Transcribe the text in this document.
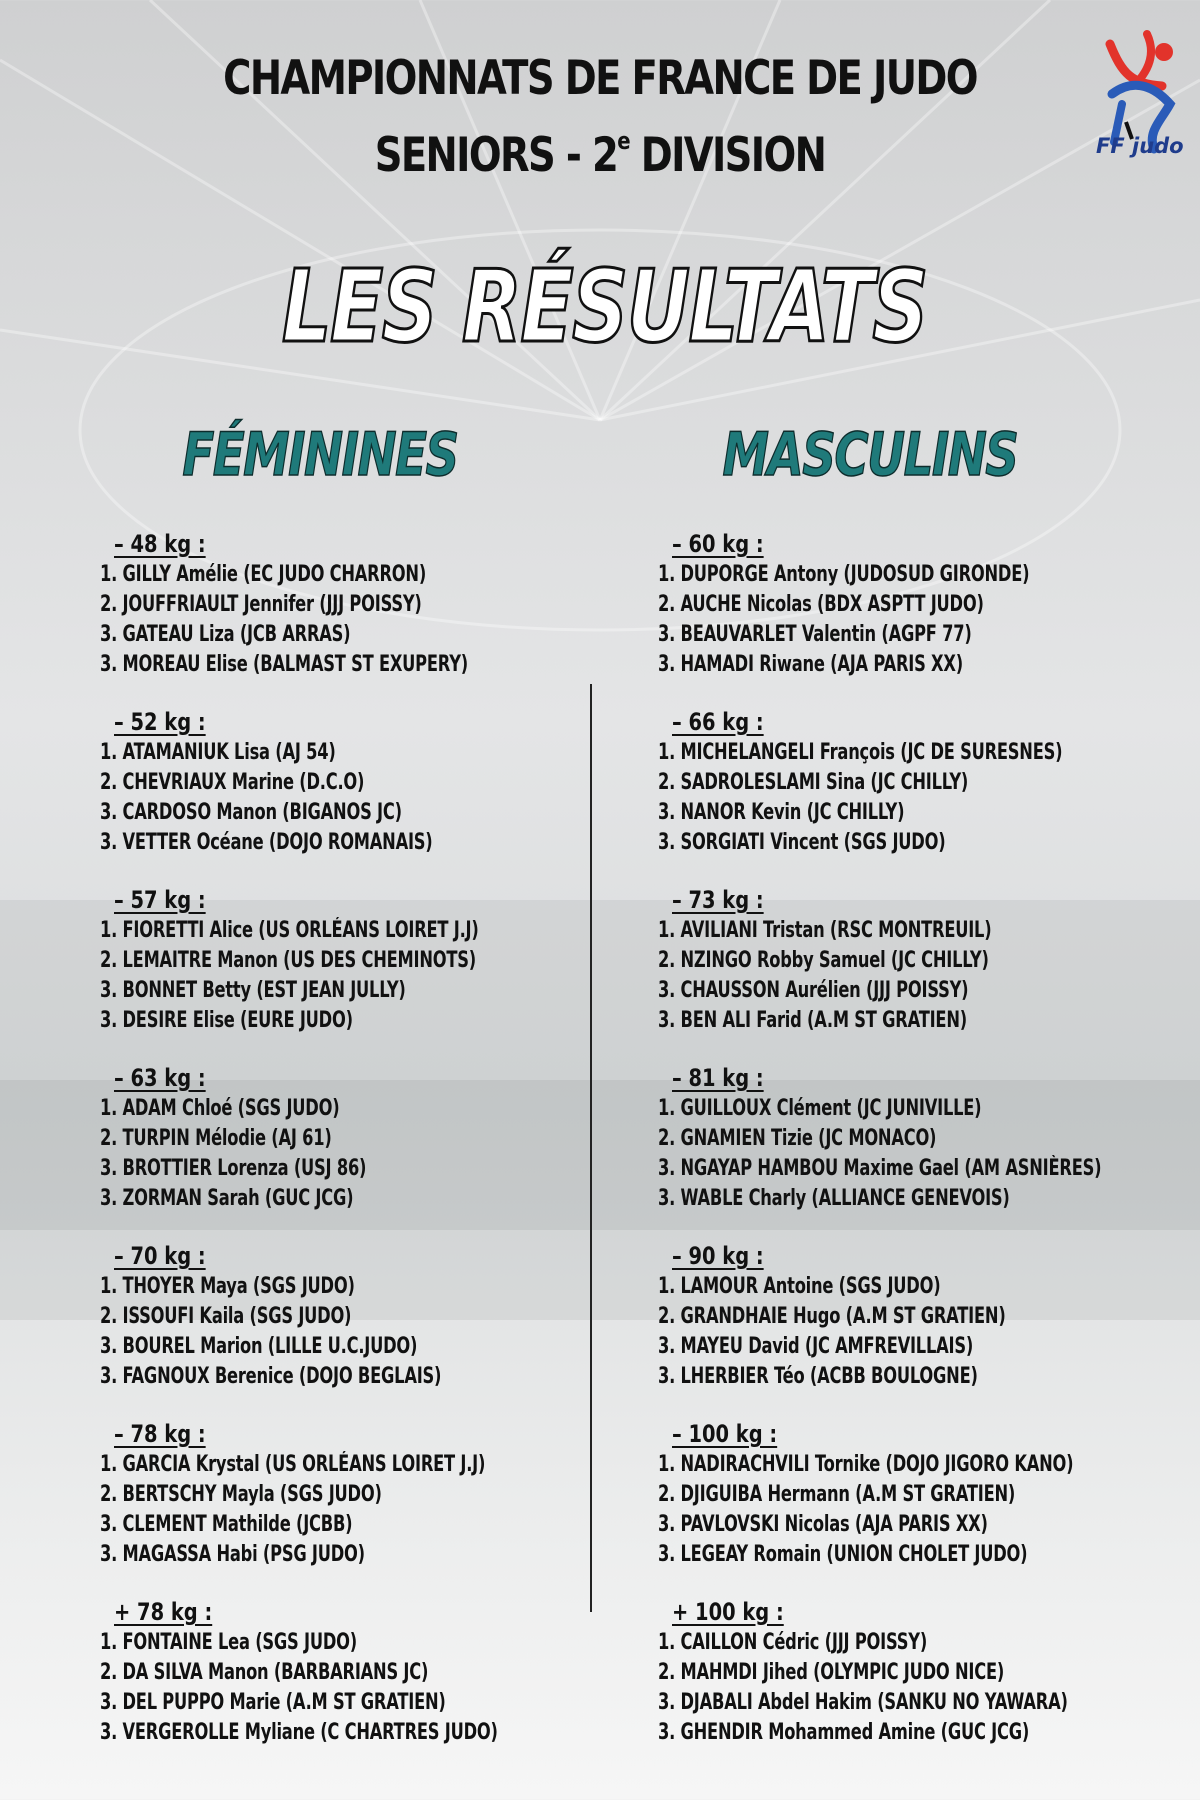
CHAMPIONNATS DE FRANCE DE JUDO
SENIORS - 2e DIVISION	FF judo
LES RÉSULTATS
FÉMININES	MASCULINS
– 48 kg :
1. GILLY Amélie (EC JUDO CHARRON)
2. JOUFFRIAULT Jennifer (JJJ POISSY)
3. GATEAU Liza (JCB ARRAS)
3. MOREAU Elise (BALMAST ST EXUPERY)
– 52 kg :
1. ATAMANIUK Lisa (AJ 54)
2. CHEVRIAUX Marine (D.C.O)
3. CARDOSO Manon (BIGANOS JC)
3. VETTER Océane (DOJO ROMANAIS)
– 57 kg :
1. FIORETTI Alice (US ORLÉANS LOIRET J.J)
2. LEMAITRE Manon (US DES CHEMINOTS)
3. BONNET Betty (EST JEAN JULLY)
3. DESIRE Elise (EURE JUDO)
– 63 kg :
1. ADAM Chloé (SGS JUDO)
2. TURPIN Mélodie (AJ 61)
3. BROTTIER Lorenza (USJ 86)
3. ZORMAN Sarah (GUC JCG)
– 70 kg :
1. THOYER Maya (SGS JUDO)
2. ISSOUFI Kaila (SGS JUDO)
3. BOUREL Marion (LILLE U.C.JUDO)
3. FAGNOUX Berenice (DOJO BEGLAIS)
– 78 kg :
1. GARCIA Krystal (US ORLÉANS LOIRET J.J)
2. BERTSCHY Mayla (SGS JUDO)
3. CLEMENT Mathilde (JCBB)
3. MAGASSA Habi (PSG JUDO)
+ 78 kg :
1. FONTAINE Lea (SGS JUDO)
2. DA SILVA Manon (BARBARIANS JC)
3. DEL PUPPO Marie (A.M ST GRATIEN)
3. VERGEROLLE Myliane (C CHARTRES JUDO)
– 60 kg :
1. DUPORGE Antony (JUDOSUD GIRONDE)
2. AUCHE Nicolas (BDX ASPTT JUDO)
3. BEAUVARLET Valentin (AGPF 77)
3. HAMADI Riwane (AJA PARIS XX)
– 66 kg :
1. MICHELANGELI François (JC DE SURESNES)
2. SADROLESLAMI Sina (JC CHILLY)
3. NANOR Kevin (JC CHILLY)
3. SORGIATI Vincent (SGS JUDO)
– 73 kg :
1. AVILIANI Tristan (RSC MONTREUIL)
2. NZINGO Robby Samuel (JC CHILLY)
3. CHAUSSON Aurélien (JJJ POISSY)
3. BEN ALI Farid (A.M ST GRATIEN)
– 81 kg :
1. GUILLOUX Clément (JC JUNIVILLE)
2. GNAMIEN Tizie (JC MONACO)
3. NGAYAP HAMBOU Maxime Gael (AM ASNIÈRES)
3. WABLE Charly (ALLIANCE GENEVOIS)
– 90 kg :
1. LAMOUR Antoine (SGS JUDO)
2. GRANDHAIE Hugo (A.M ST GRATIEN)
3. MAYEU David (JC AMFREVILLAIS)
3. LHERBIER Téo (ACBB BOULOGNE)
– 100 kg :
1. NADIRACHVILI Tornike (DOJO JIGORO KANO)
2. DJIGUIBA Hermann (A.M ST GRATIEN)
3. PAVLOVSKI Nicolas (AJA PARIS XX)
3. LEGEAY Romain (UNION CHOLET JUDO)
+ 100 kg :
1. CAILLON Cédric (JJJ POISSY)
2. MAHMDI Jihed (OLYMPIC JUDO NICE)
3. DJABALI Abdel Hakim (SANKU NO YAWARA)
3. GHENDIR Mohammed Amine (GUC JCG)
